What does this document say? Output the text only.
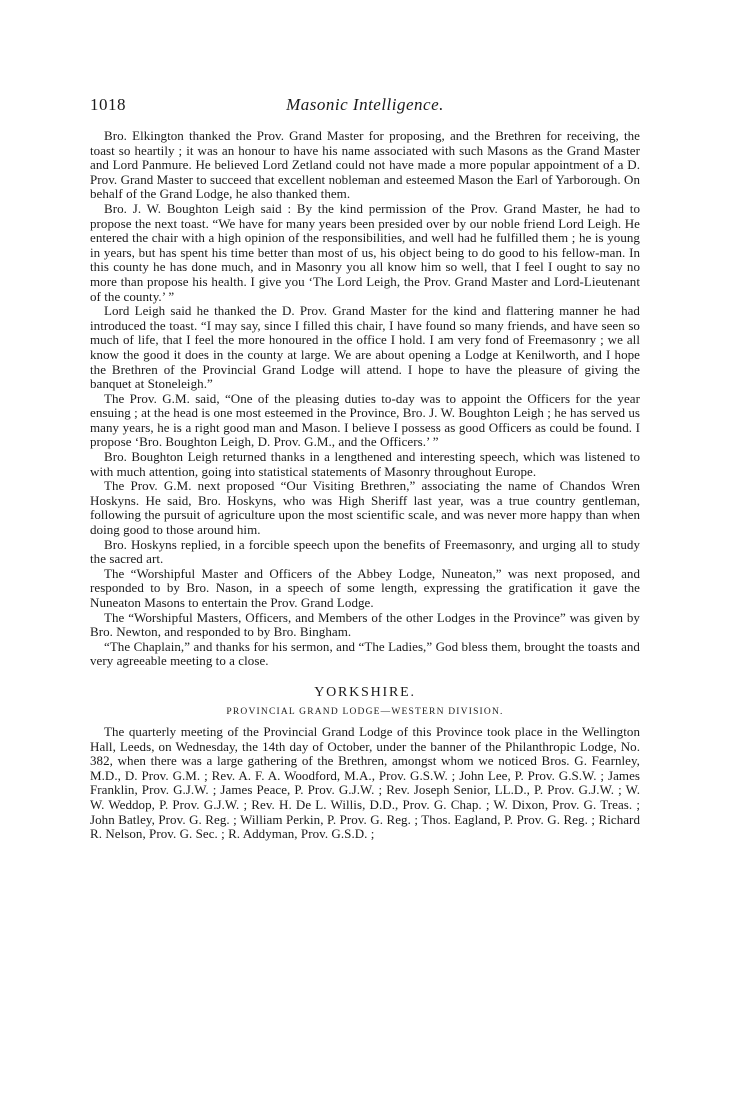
1018	Masonic Intelligence.

Bro. Elkington thanked the Prov. Grand Master for proposing, and the Brethren for receiving, the toast so heartily ; it was an honour to have his name associated with such Masons as the Grand Master and Lord Panmure. He believed Lord Zetland could not have made a more popular appointment of a D. Prov. Grand Master to succeed that excellent nobleman and esteemed Mason the Earl of Yarborough. On behalf of the Grand Lodge, he also thanked them.

Bro. J. W. Boughton Leigh said : By the kind permission of the Prov. Grand Master, he had to propose the next toast. “We have for many years been presided over by our noble friend Lord Leigh. He entered the chair with a high opinion of the responsibilities, and well had he fulfilled them ; he is young in years, but has spent his time better than most of us, his object being to do good to his fellow-man. In this county he has done much, and in Masonry you all know him so well, that I feel I ought to say no more than propose his health. I give you ‘The Lord Leigh, the Prov. Grand Master and Lord-Lieutenant of the county.’ ”

Lord Leigh said he thanked the D. Prov. Grand Master for the kind and flattering manner he had introduced the toast. “I may say, since I filled this chair, I have found so many friends, and have seen so much of life, that I feel the more honoured in the office I hold. I am very fond of Freemasonry ; we all know the good it does in the county at large. We are about opening a Lodge at Kenilworth, and I hope the Brethren of the Provincial Grand Lodge will attend. I hope to have the pleasure of giving the banquet at Stoneleigh.”

The Prov. G.M. said, “One of the pleasing duties to-day was to appoint the Officers for the year ensuing ; at the head is one most esteemed in the Province, Bro. J. W. Boughton Leigh ; he has served us many years, he is a right good man and Mason. I believe I possess as good Officers as could be found. I propose ‘Bro. Boughton Leigh, D. Prov. G.M., and the Officers.’ ”

Bro. Boughton Leigh returned thanks in a lengthened and interesting speech, which was listened to with much attention, going into statistical statements of Masonry throughout Europe.

The Prov. G.M. next proposed “Our Visiting Brethren,” associating the name of Chandos Wren Hoskyns. He said, Bro. Hoskyns, who was High Sheriff last year, was a true country gentleman, following the pursuit of agriculture upon the most scientific scale, and was never more happy than when doing good to those around him.

Bro. Hoskyns replied, in a forcible speech upon the benefits of Freemasonry, and urging all to study the sacred art.

The “Worshipful Master and Officers of the Abbey Lodge, Nuneaton,” was next proposed, and responded to by Bro. Nason, in a speech of some length, expressing the gratification it gave the Nuneaton Masons to entertain the Prov. Grand Lodge.

The “Worshipful Masters, Officers, and Members of the other Lodges in the Province” was given by Bro. Newton, and responded to by Bro. Bingham.

“The Chaplain,” and thanks for his sermon, and “The Ladies,” God bless them, brought the toasts and very agreeable meeting to a close.

YORKSHIRE.
PROVINCIAL GRAND LODGE—WESTERN DIVISION.

The quarterly meeting of the Provincial Grand Lodge of this Province took place in the Wellington Hall, Leeds, on Wednesday, the 14th day of October, under the banner of the Philanthropic Lodge, No. 382, when there was a large gathering of the Brethren, amongst whom we noticed Bros. G. Fearnley, M.D., D. Prov. G.M. ; Rev. A. F. A. Woodford, M.A., Prov. G.S.W. ; John Lee, P. Prov. G.S.W. ; James Franklin, Prov. G.J.W. ; James Peace, P. Prov. G.J.W. ; Rev. Joseph Senior, LL.D., P. Prov. G.J.W. ; W. W. Weddop, P. Prov. G.J.W. ; Rev. H. De L. Willis, D.D., Prov. G. Chap. ; W. Dixon, Prov. G. Treas. ; John Batley, Prov. G. Reg. ; William Perkin, P. Prov. G. Reg. ; Thos. Eagland, P. Prov. G. Reg. ; Richard R. Nelson, Prov. G. Sec. ; R. Addyman, Prov. G.S.D. ;
